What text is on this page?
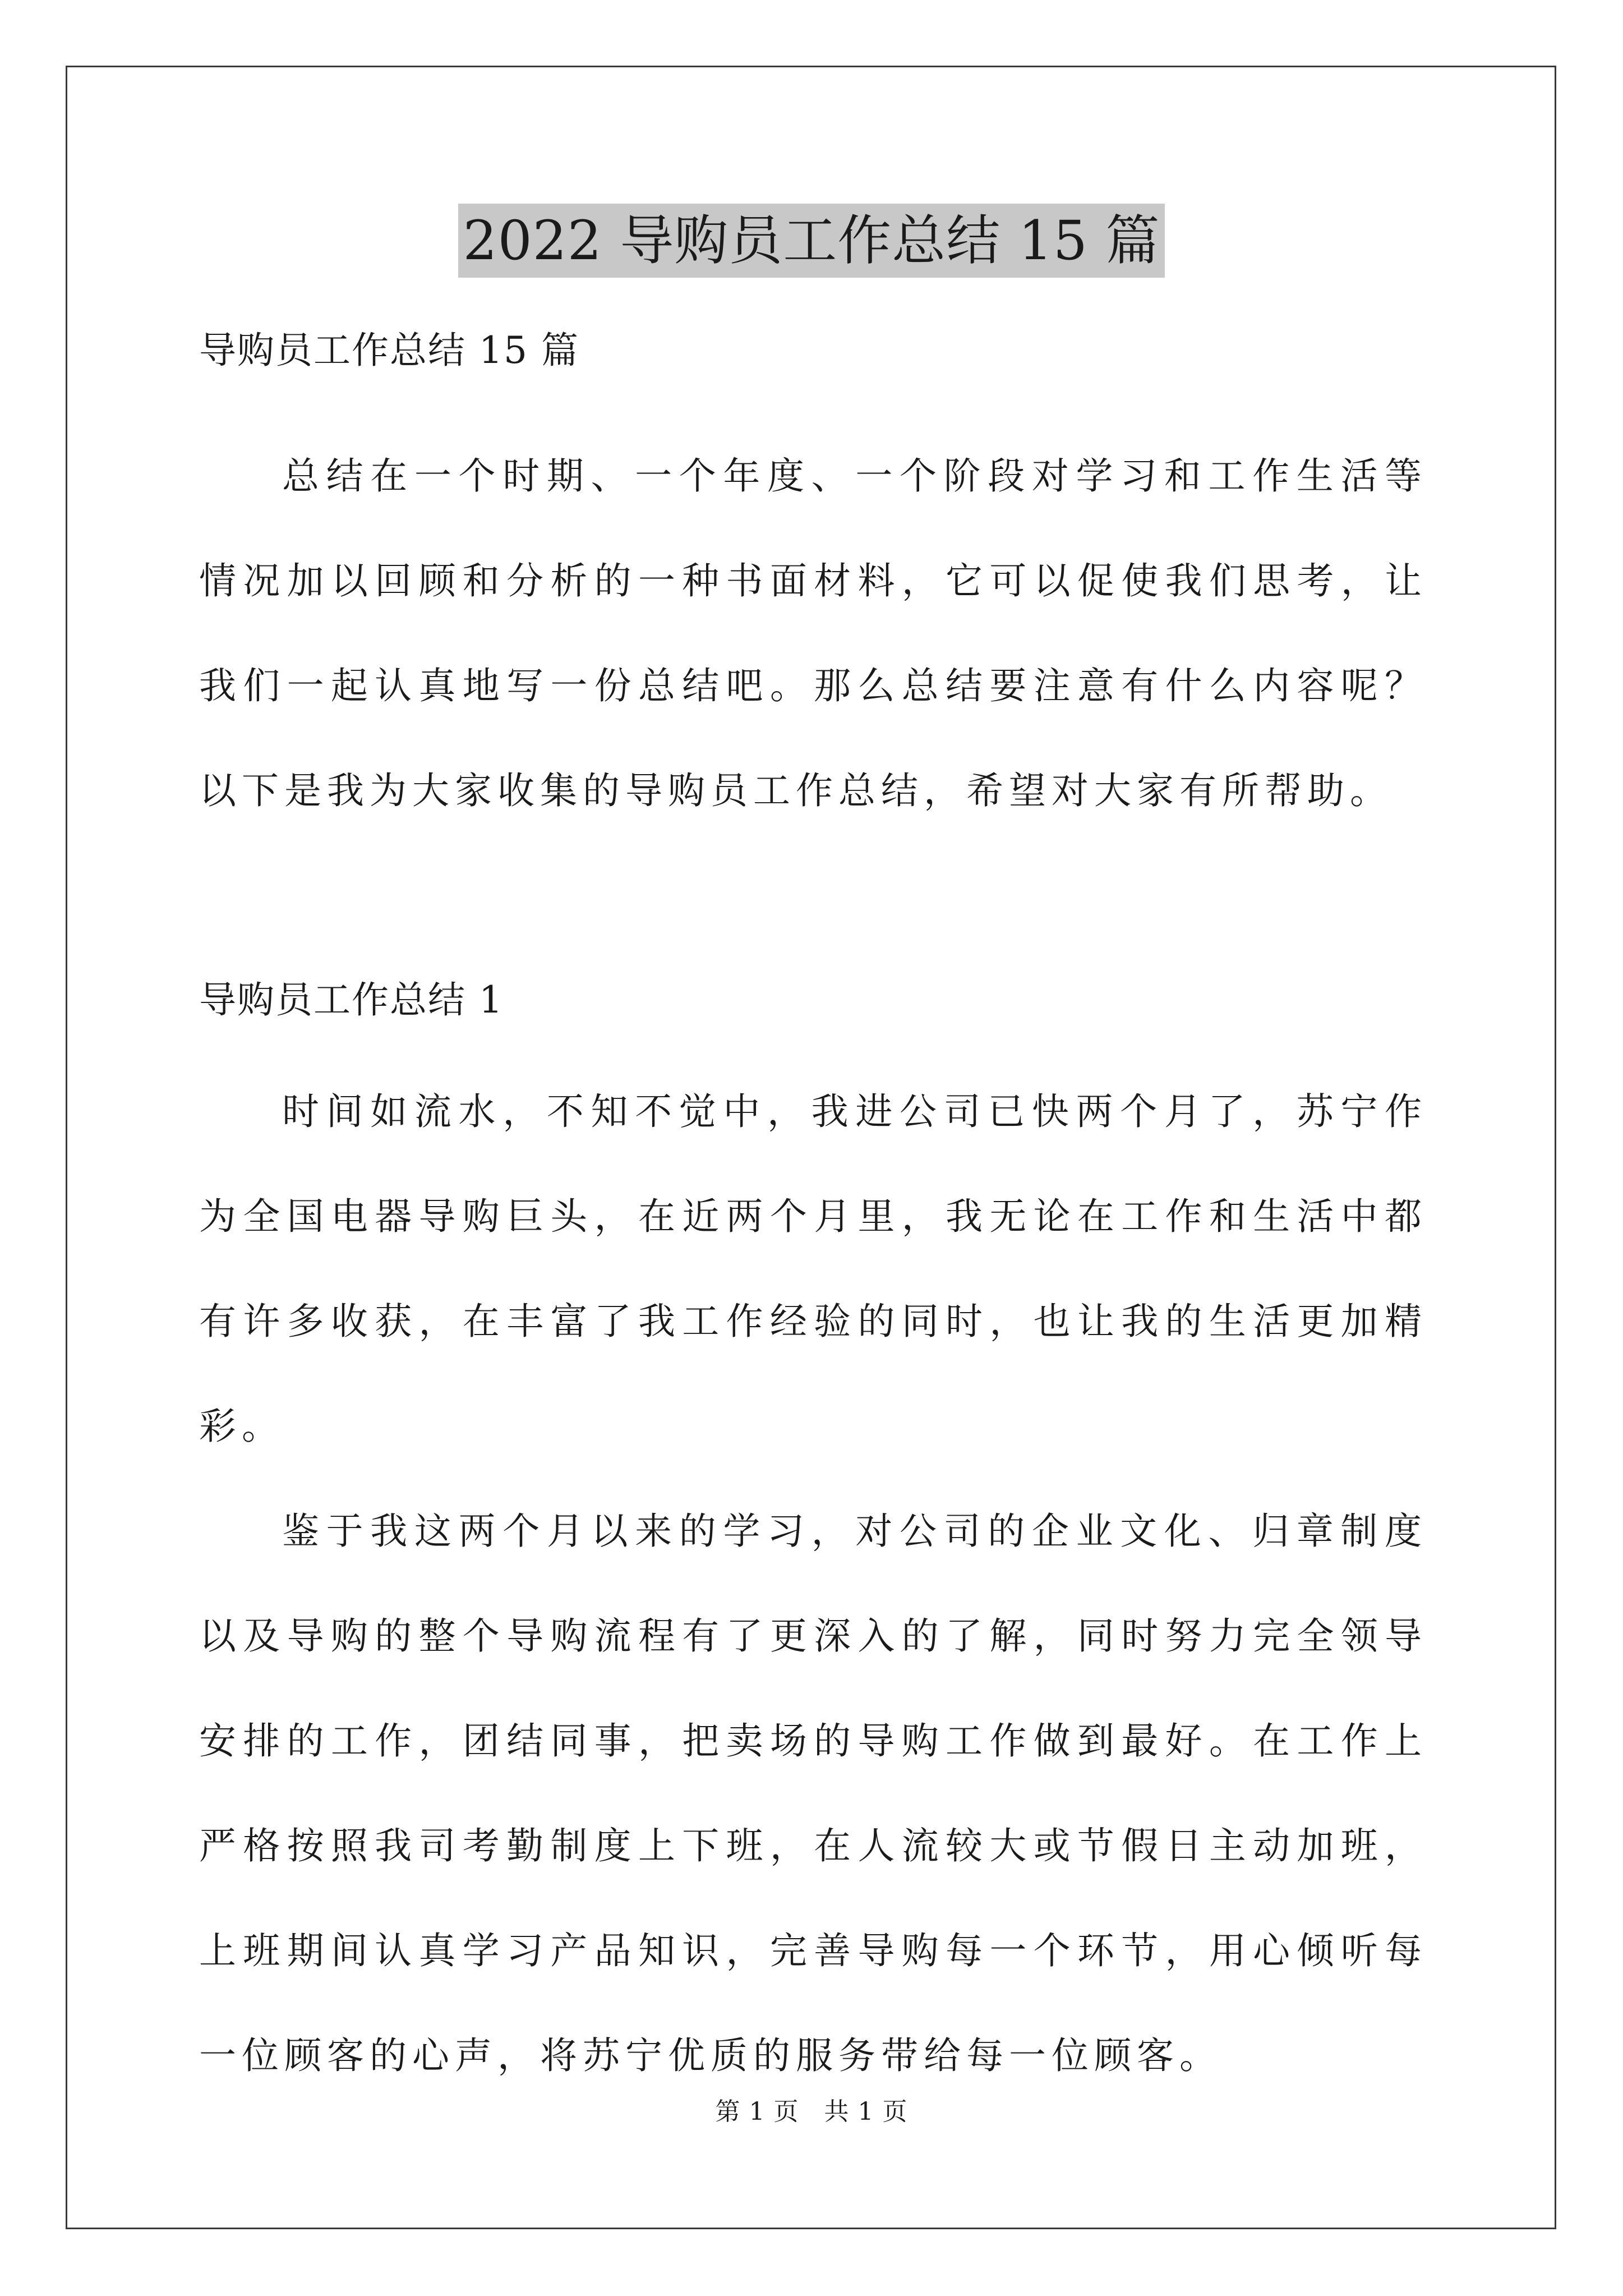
2022 导购员工作总结 15 篇

导购员工作总结 15 篇

总结在一个时期、一个年度、一个阶段对学习和工作生活等情况加以回顾和分析的一种书面材料，它可以促使我们思考，让我们一起认真地写一份总结吧。那么总结要注意有什么内容呢？以下是我为大家收集的导购员工作总结，希望对大家有所帮助。

导购员工作总结 1

时间如流水，不知不觉中，我进公司已快两个月了，苏宁作为全国电器导购巨头，在近两个月里，我无论在工作和生活中都有许多收获，在丰富了我工作经验的同时，也让我的生活更加精彩。

鉴于我这两个月以来的学习，对公司的企业文化、归章制度以及导购的整个导购流程有了更深入的了解，同时努力完全领导安排的工作，团结同事，把卖场的导购工作做到最好。在工作上严格按照我司考勤制度上下班，在人流较大或节假日主动加班，上班期间认真学习产品知识，完善导购每一个环节，用心倾听每一位顾客的心声，将苏宁优质的服务带给每一位顾客。

第 1 页　共 1 页
